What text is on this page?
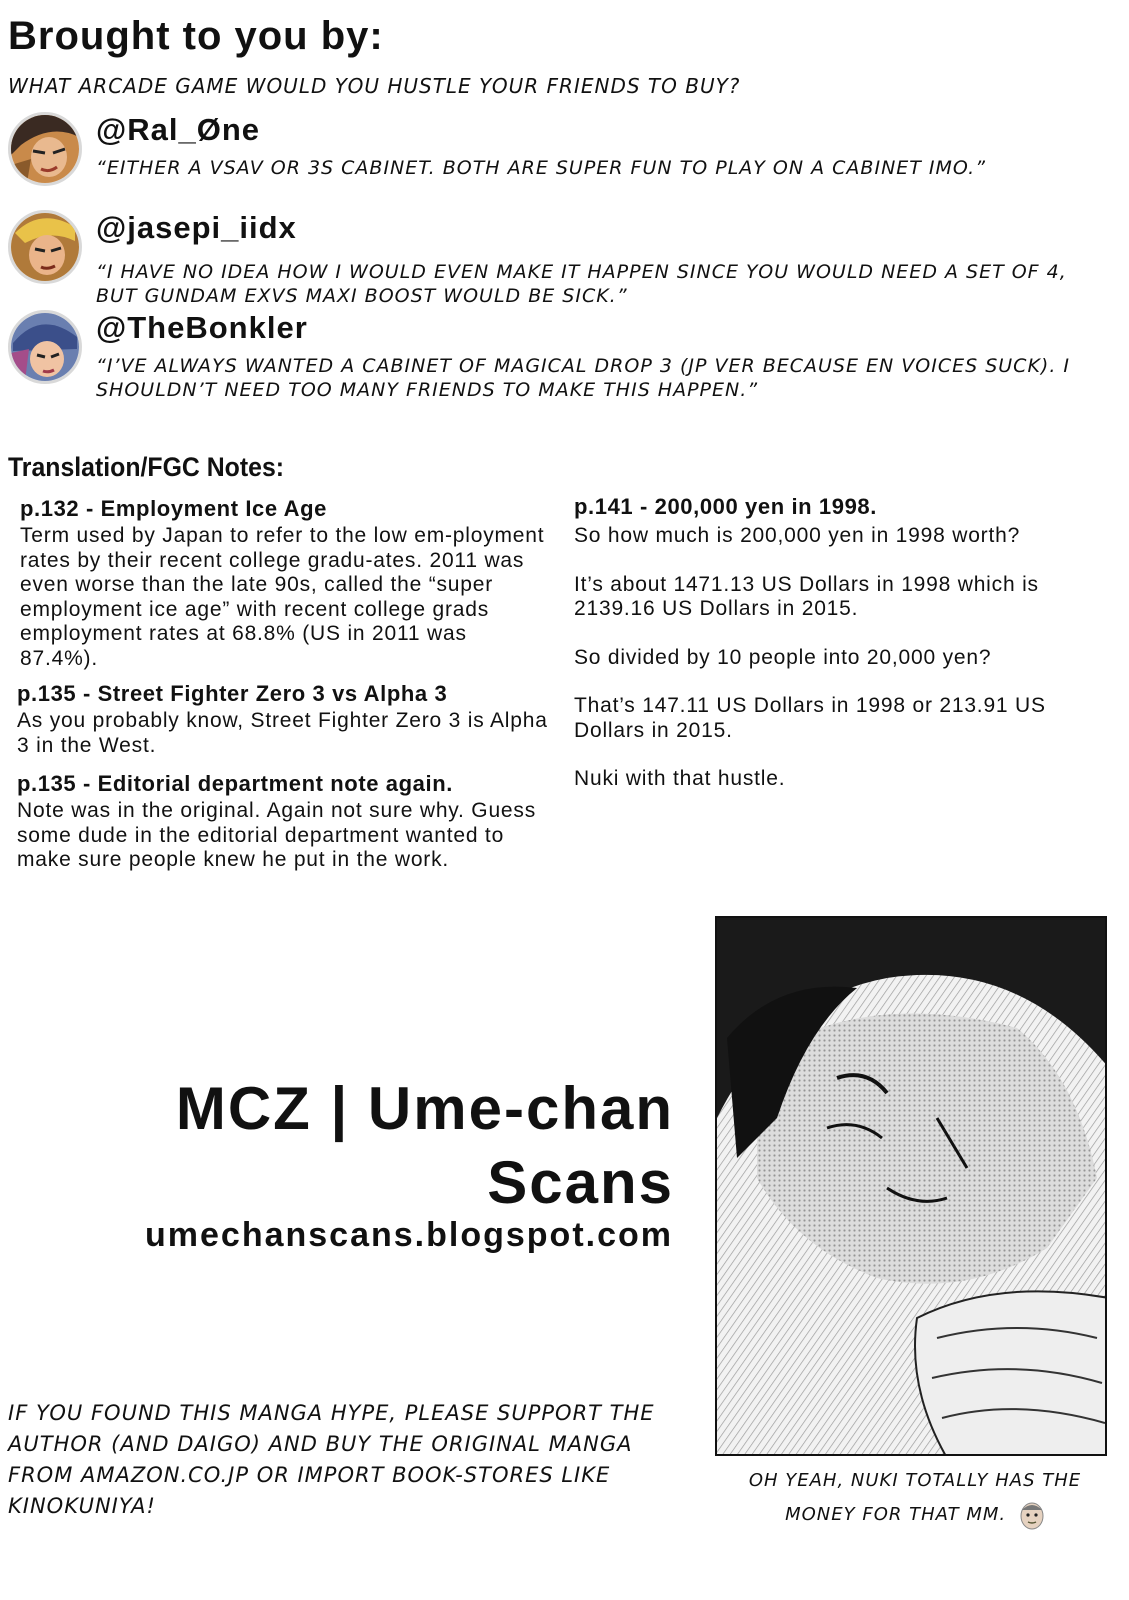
Brought to you by:
WHAT ARCADE GAME WOULD YOU HUSTLE YOUR FRIENDS TO BUY?
@Ral_Øne
“EITHER A VSAV OR 3S CABINET. BOTH ARE SUPER FUN TO PLAY ON A CABINET IMO.”
@jasepi_iidx
“I HAVE NO IDEA HOW I WOULD EVEN MAKE IT HAPPEN SINCE YOU WOULD NEED A SET OF 4, BUT GUNDAM EXVS MAXI BOOST WOULD BE SICK.”
@TheBonkler
“I’VE ALWAYS WANTED A CABINET OF MAGICAL DROP 3 (JP VER BECAUSE EN VOICES SUCK). I SHOULDN’T NEED TOO MANY FRIENDS TO MAKE THIS HAPPEN.”
Translation/FGC Notes:

p.132 - Employment Ice Age

Term used by Japan to refer to the low em-ployment rates by their recent college gradu-ates. 2011 was even worse than the late 90s, called the “super employment ice age” with recent college grads employment rates at 68.8% (US in 2011 was 87.4%).

p.135 - Street Fighter Zero 3 vs Alpha 3

As you probably know, Street Fighter Zero 3 is Alpha 3 in the West.

p.135 - Editorial department note again.

Note was in the original. Again not sure why. Guess some dude in the editorial department wanted to make sure people knew he put in the work.

p.141 - 200,000 yen in 1998.

So how much is 200,000 yen in 1998 worth?

It’s about 1471.13 US Dollars in 1998 which is 2139.16 US Dollars in 2015.

So divided by 10 people into 20,000 yen?

That’s 147.11 US Dollars in 1998 or 213.91 US Dollars in 2015.

Nuki with that hustle.

MCZ | Ume-chan
Scans
umechanscans.blogspot.com
IF YOU FOUND THIS MANGA HYPE, PLEASE SUPPORT THE AUTHOR (AND DAIGO) AND BUY THE ORIGINAL MANGA FROM AMAZON.CO.JP OR IMPORT BOOK-STORES LIKE KINOKUNIYA!
OH YEAH, NUKI TOTALLY HAS THE
MONEY FOR THAT MM.
